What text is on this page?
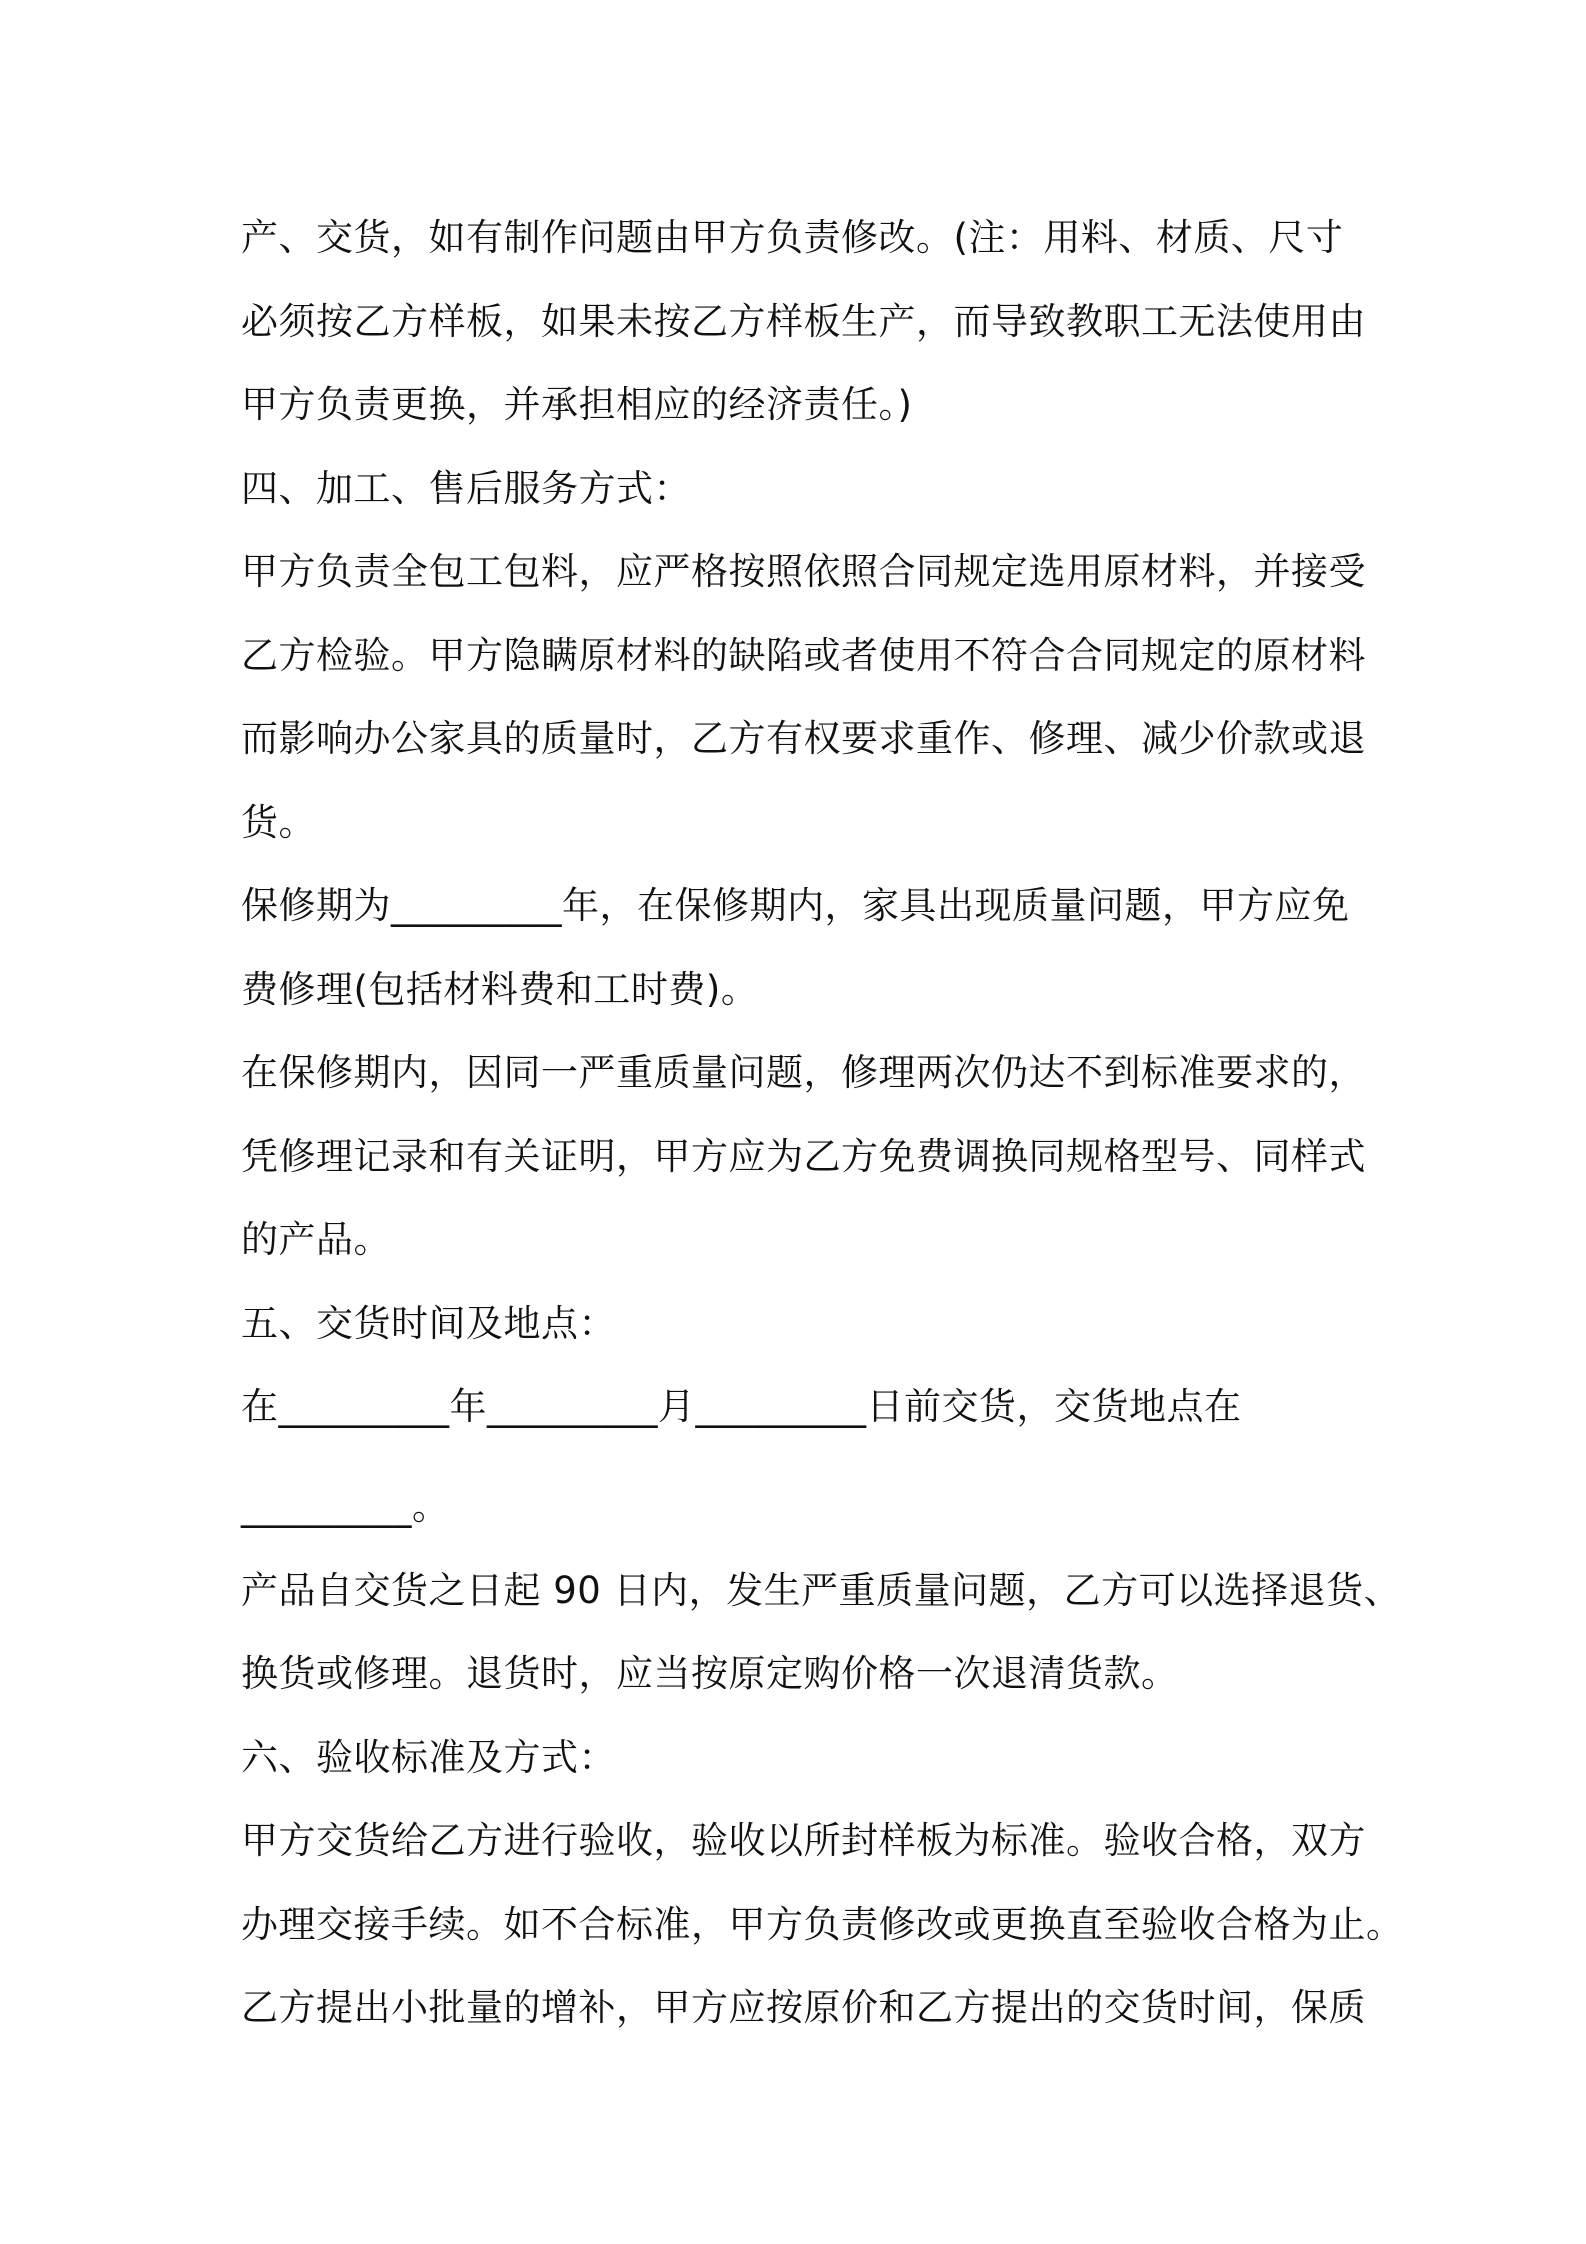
产、交货，如有制作问题由甲方负责修改。(注：用料、材质、尺寸
必须按乙方样板，如果未按乙方样板生产，而导致教职工无法使用由
甲方负责更换，并承担相应的经济责任。)
四、加工、售后服务方式：
甲方负责全包工包料，应严格按照依照合同规定选用原材料，并接受
乙方检验。甲方隐瞒原材料的缺陷或者使用不符合合同规定的原材料
而影响办公家具的质量时，乙方有权要求重作、修理、减少价款或退
货。
保修期为_________年，在保修期内，家具出现质量问题，甲方应免
费修理(包括材料费和工时费)。
在保修期内，因同一严重质量问题，修理两次仍达不到标准要求的，
凭修理记录和有关证明，甲方应为乙方免费调换同规格型号、同样式
的产品。
五、交货时间及地点：
在_________年_________月_________日前交货，交货地点在
_________。
产品自交货之日起 90 日内，发生严重质量问题，乙方可以选择退货、
换货或修理。退货时，应当按原定购价格一次退清货款。
六、验收标准及方式：
甲方交货给乙方进行验收，验收以所封样板为标准。验收合格，双方
办理交接手续。如不合标准，甲方负责修改或更换直至验收合格为止。
乙方提出小批量的增补，甲方应按原价和乙方提出的交货时间，保质
